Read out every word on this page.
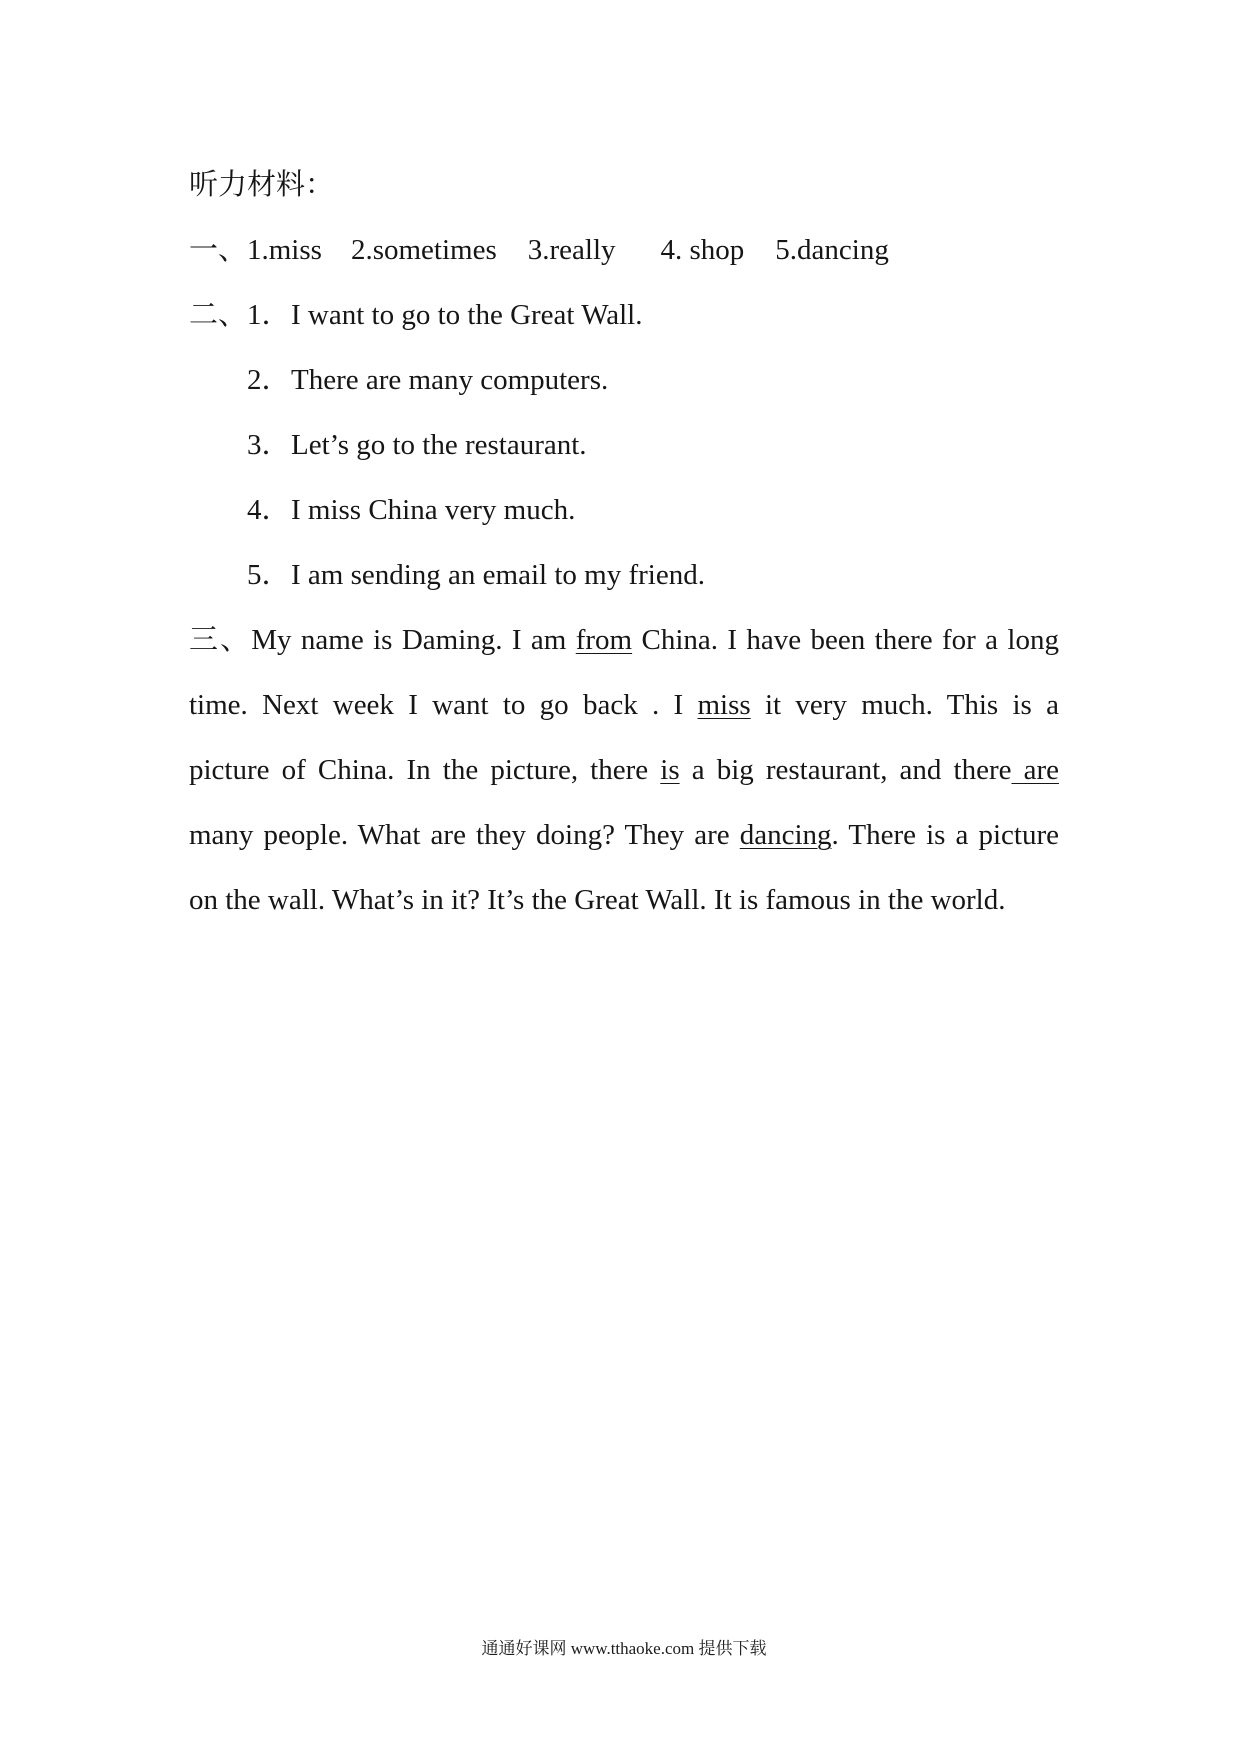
听力材料：
一、1.miss 2.sometimes 3.really 4. shop 5.dancing
二、 1．I want to go to the Great Wall.
2．There are many computers.
3．Let’s go to the restaurant.
4．I miss China very much.
5．I am sending an email to my friend.
三、My name is Daming. I am from China. I have been there for a long
time. Next week I want to go back . I miss it very much. This is a
picture of China. In the picture, there is a big restaurant, and there are
many people. What are they doing? They are dancing. There is a picture
on the wall. What’s in it? It’s the Great Wall. It is famous in the world.
通通好课网 www.tthaoke.com 提供下载
